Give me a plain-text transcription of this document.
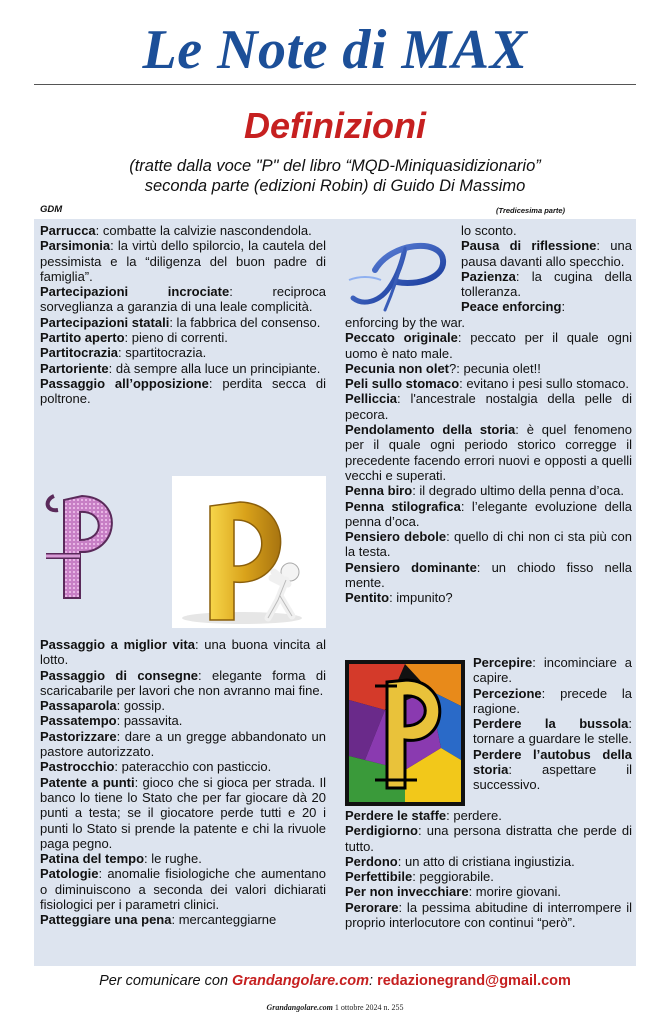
Le Note di MAX
Definizioni
(tratte dalla voce "P" del libro “MQD-Miniquasidizionario”
seconda parte (edizioni Robin) di Guido Di Massimo
GDM	(Tredicesima parte)

Parrucca: combatte la calvizie nascondendola.

Parsimonia: la virtù dello spilorcio, la cautela del pessimista e la “diligenza del buon padre di famiglia”.

Partecipazioni incrociate: reciproca sorveglianza a garanzia di una leale complicità.

Partecipazioni statali: la fabbrica del consenso.

Partito aperto: pieno di correnti.

Partitocrazia: spartitocrazia.

Partoriente: dà sempre alla luce un principiante.

Passaggio all’opposizione: perdita secca di poltrone.

Passaggio a miglior vita: una buona vincita al lotto.

Passaggio di consegne: elegante forma di scaricabarile per lavori che non avranno mai fine.

Passaparola: gossip.

Passatempo: passavita.

Pastorizzare: dare a un gregge abbandonato un pastore autorizzato.

Pastrocchio: pateracchio con pasticcio.

Patente a punti: gioco che si gioca per strada. Il banco lo tiene lo Stato che per far giocare dà 20 punti a testa; se il giocatore perde tutti e 20 i punti lo Stato si prende la patente e chi la rivuole paga pegno.

Patina del tempo: le rughe.

Patologie: anomalie fisiologiche che aumentano o diminuiscono a seconda dei valori dichiarati fisiologici per i parametri clinici.

Patteggiare una pena: mercanteggiarne

lo sconto.

Pausa di riflessione: una pausa davanti allo specchio.

Pazienza: la cugina della tolleranza.

Peace enforcing:

enforcing by the war.

Peccato originale: peccato per il quale ogni uomo è nato male.

Pecunia non olet?: pecunia olet!!

Peli sullo stomaco: evitano i pesi sullo stomaco.

Pelliccia: l'ancestrale nostalgia della pelle di pecora.

Pendolamento della storia: è quel fenomeno per il quale ogni periodo storico corregge il precedente facendo errori nuovi e opposti a quelli vecchi e superati.

Penna biro: il degrado ultimo della penna d’oca.

Penna stilografica: l’elegante evoluzione della penna d’oca.

Pensiero debole: quello di chi non ci sta più con la testa.

Pensiero dominante: un chiodo fisso nella mente.

Pentito: impunito?

Percepire: incominciare a capire.

Percezione: precede la ragione.

Perdere la bussola: tornare a guardare le stelle.

Perdere l’autobus della storia: aspettare il successivo.

Perdere le staffe: perdere.

Perdigiorno: una persona distratta che perde di tutto.

Perdono: un atto di cristiana ingiustizia.

Perfettibile: peggiorabile.

Per non invecchiare: morire giovani.

Perorare: la pessima abitudine di interrompere il proprio interlocutore con continui “però”.

Per comunicare con Grandangolare.com: redazionegrand@gmail.com
Grandangolare.com 1 ottobre 2024 n. 255
